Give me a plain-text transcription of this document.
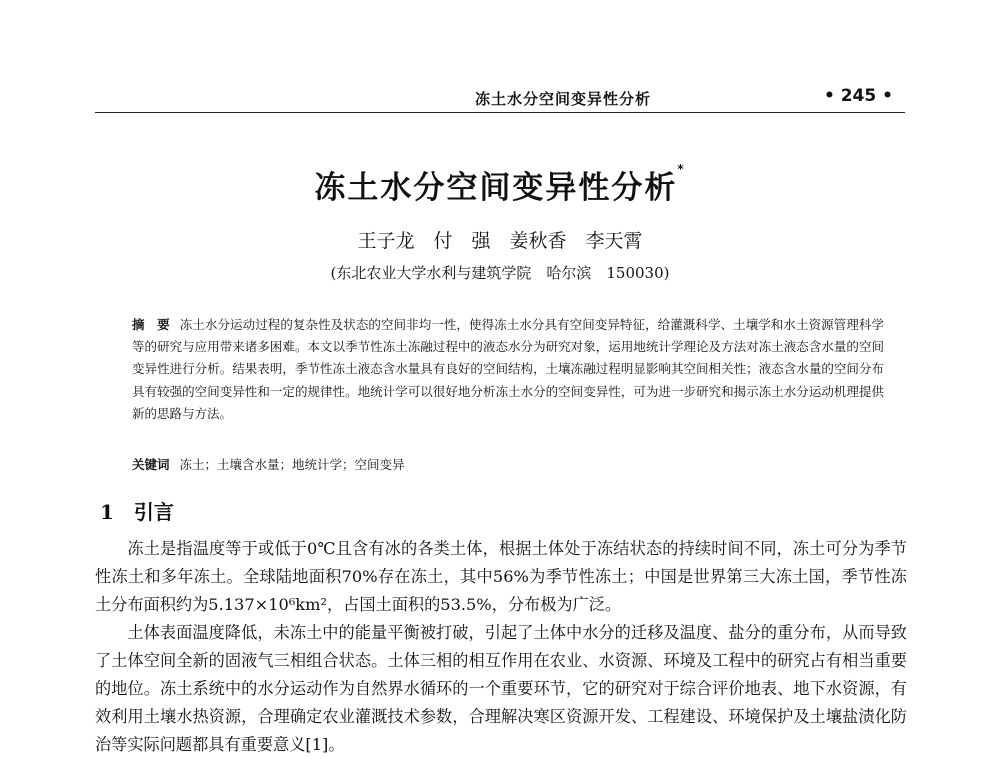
冻土水分空间变异性分析	• 245 •
冻土水分空间变异性分析*
王子龙　付　强　姜秋香　李天霄
(东北农业大学水利与建筑学院　哈尔滨　150030)
摘　要 冻土水分运动过程的复杂性及状态的空间非均一性，使得冻土水分具有空间变异特征，给灌溉科学、土壤学和水土资源管理科学等的研究与应用带来诸多困难。本文以季节性冻土冻融过程中的液态水分为研究对象，运用地统计学理论及方法对冻土液态含水量的空间变异性进行分析。结果表明，季节性冻土液态含水量具有良好的空间结构，土壤冻融过程明显影响其空间相关性；液态含水量的空间分布具有较强的空间变异性和一定的规律性。地统计学可以很好地分析冻土水分的空间变异性，可为进一步研究和揭示冻土水分运动机理提供新的思路与方法。
关键词 冻土；土壤含水量；地统计学；空间变异
1　引言

冻土是指温度等于或低于0℃且含有冰的各类土体，根据土体处于冻结状态的持续时间不同，冻土可分为季节性冻土和多年冻土。全球陆地面积70%存在冻土，其中56%为季节性冻土；中国是世界第三大冻土国，季节性冻土分布面积约为5.137×10⁶km²，占国土面积的53.5%，分布极为广泛。

土体表面温度降低，未冻土中的能量平衡被打破，引起了土体中水分的迁移及温度、盐分的重分布，从而导致了土体空间全新的固液气三相组合状态。土体三相的相互作用在农业、水资源、环境及工程中的研究占有相当重要的地位。冻土系统中的水分运动作为自然界水循环的一个重要环节，它的研究对于综合评价地表、地下水资源，有效利用土壤水热资源，合理确定农业灌溉技术参数，合理解决寒区资源开发、工程建设、环境保护及土壤盐渍化防治等实际问题都具有重要意义[1]。
